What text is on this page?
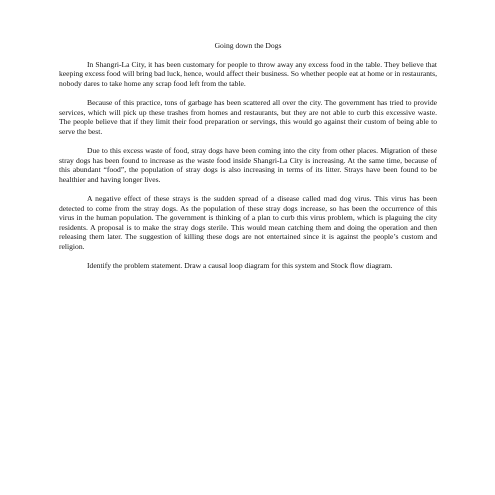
Going down the Dogs

In Shangri-La City, it has been customary for people to throw away any excess food in the table. They believe that keeping excess food will bring bad luck, hence, would affect their business. So whether people eat at home or in restaurants, nobody dares to take home any scrap food left from the table.

Because of this practice, tons of garbage has been scattered all over the city. The government has tried to provide services, which will pick up these trashes from homes and restaurants, but they are not able to curb this excessive waste. The people believe that if they limit their food preparation or servings, this would go against their custom of being able to serve the best.

Due to this excess waste of food, stray dogs have been coming into the city from other places. Migration of these stray dogs has been found to increase as the waste food inside Shangri-La City is increasing. At the same time, because of this abundant “food”, the population of stray dogs is also increasing in terms of its litter. Strays have been found to be healthier and having longer lives.

A negative effect of these strays is the sudden spread of a disease called mad dog virus. This virus has been detected to come from the stray dogs. As the population of these stray dogs increase, so has been the occurrence of this virus in the human population. The government is thinking of a plan to curb this virus problem, which is plaguing the city residents. A proposal is to make the stray dogs sterile. This would mean catching them and doing the operation and then releasing them later. The suggestion of killing these dogs are not entertained since it is against the people’s custom and religion.

Identify the problem statement. Draw a causal loop diagram for this system and Stock flow diagram.
